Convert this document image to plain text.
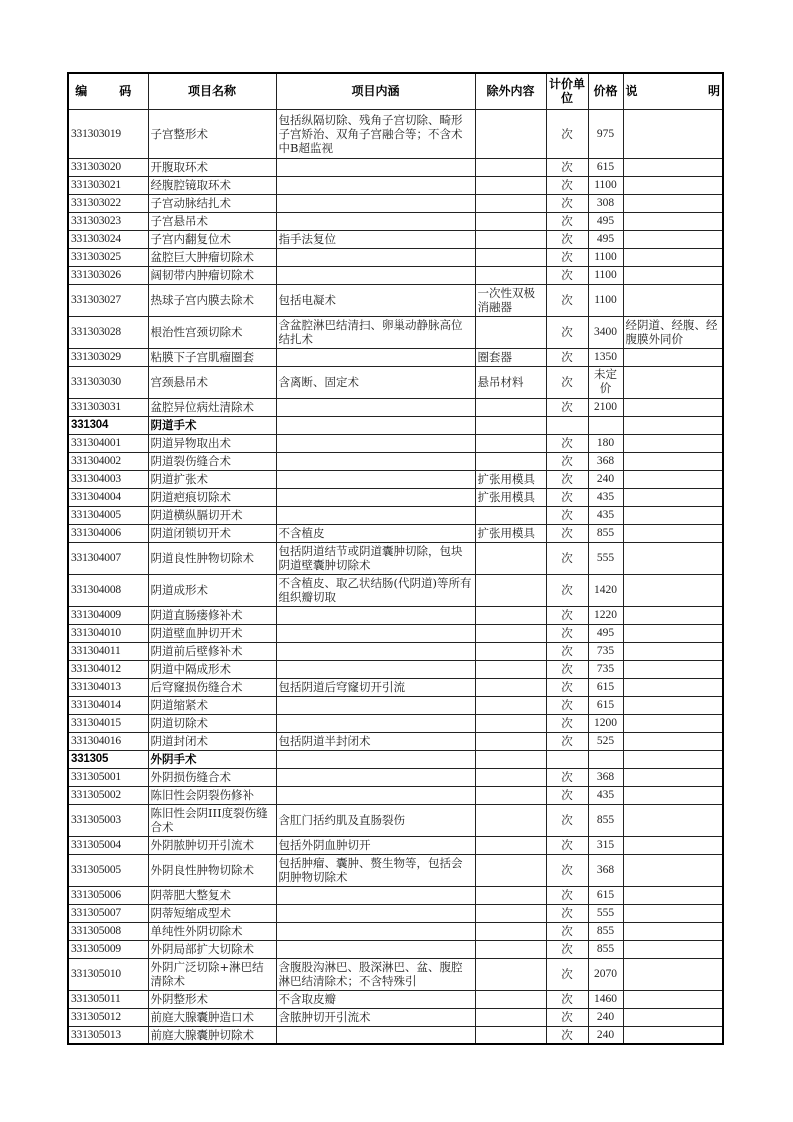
编　码	项目名称	项目内涵	除外内容	计价单位	价格	说 明

331303019	子宫整形术	包括纵隔切除、残角子宫切除、畸形子宫矫治、双角子宫融合等；不含术中B超监视		次	975	
331303020	开腹取环术			次	615	
331303021	经腹腔镜取环术			次	1100	
331303022	子宫动脉结扎术			次	308	
331303023	子宫悬吊术			次	495	
331303024	子宫内翻复位术	指手法复位		次	495	
331303025	盆腔巨大肿瘤切除术			次	1100	
331303026	阔韧带内肿瘤切除术			次	1100	
331303027	热球子宫内膜去除术	包括电凝术	一次性双极消融器	次	1100	
331303028	根治性宫颈切除术	含盆腔淋巴结清扫、卵巢动静脉高位结扎术		次	3400	经阴道、经腹、经腹膜外同价
331303029	粘膜下子宫肌瘤圈套		圈套器	次	1350	
331303030	宫颈悬吊术	含离断、固定术	悬吊材料	次	未定价	
331303031	盆腔异位病灶清除术			次	2100	
331304	阴道手术					
331304001	阴道异物取出术			次	180	
331304002	阴道裂伤缝合术			次	368	
331304003	阴道扩张术		扩张用模具	次	240	
331304004	阴道疤痕切除术		扩张用模具	次	435	
331304005	阴道横纵膈切开术			次	435	
331304006	阴道闭锁切开术	不含植皮	扩张用模具	次	855	
331304007	阴道良性肿物切除术	包括阴道结节或阴道囊肿切除，包块阴道壁囊肿切除术		次	555	
331304008	阴道成形术	不含植皮、取乙状结肠(代阴道)等所有组织瓣切取		次	1420	
331304009	阴道直肠瘘修补术			次	1220	
331304010	阴道壁血肿切开术			次	495	
331304011	阴道前后壁修补术			次	735	
331304012	阴道中隔成形术			次	735	
331304013	后穹窿损伤缝合术	包括阴道后穹窿切开引流		次	615	
331304014	阴道缩紧术			次	615	
331304015	阴道切除术			次	1200	
331304016	阴道封闭术	包括阴道半封闭术		次	525	
331305	外阴手术					
331305001	外阴损伤缝合术			次	368	
331305002	陈旧性会阴裂伤修补			次	435	
331305003	陈旧性会阴III度裂伤缝合术	含肛门括约肌及直肠裂伤		次	855	
331305004	外阴脓肿切开引流术	包括外阴血肿切开		次	315	
331305005	外阴良性肿物切除术	包括肿瘤、囊肿、赘生物等，包括会阴肿物切除术		次	368	
331305006	阴蒂肥大整复术			次	615	
331305007	阴蒂短缩成型术			次	555	
331305008	单纯性外阴切除术			次	855	
331305009	外阴局部扩大切除术			次	855	
331305010	外阴广泛切除+淋巴结清除术	含腹股沟淋巴、股深淋巴、盆、腹腔淋巴结清除术；不含特殊引		次	2070	
331305011	外阴整形术	不含取皮瓣		次	1460	
331305012	前庭大腺囊肿造口术	含脓肿切开引流术		次	240	
331305013	前庭大腺囊肿切除术			次	240	
